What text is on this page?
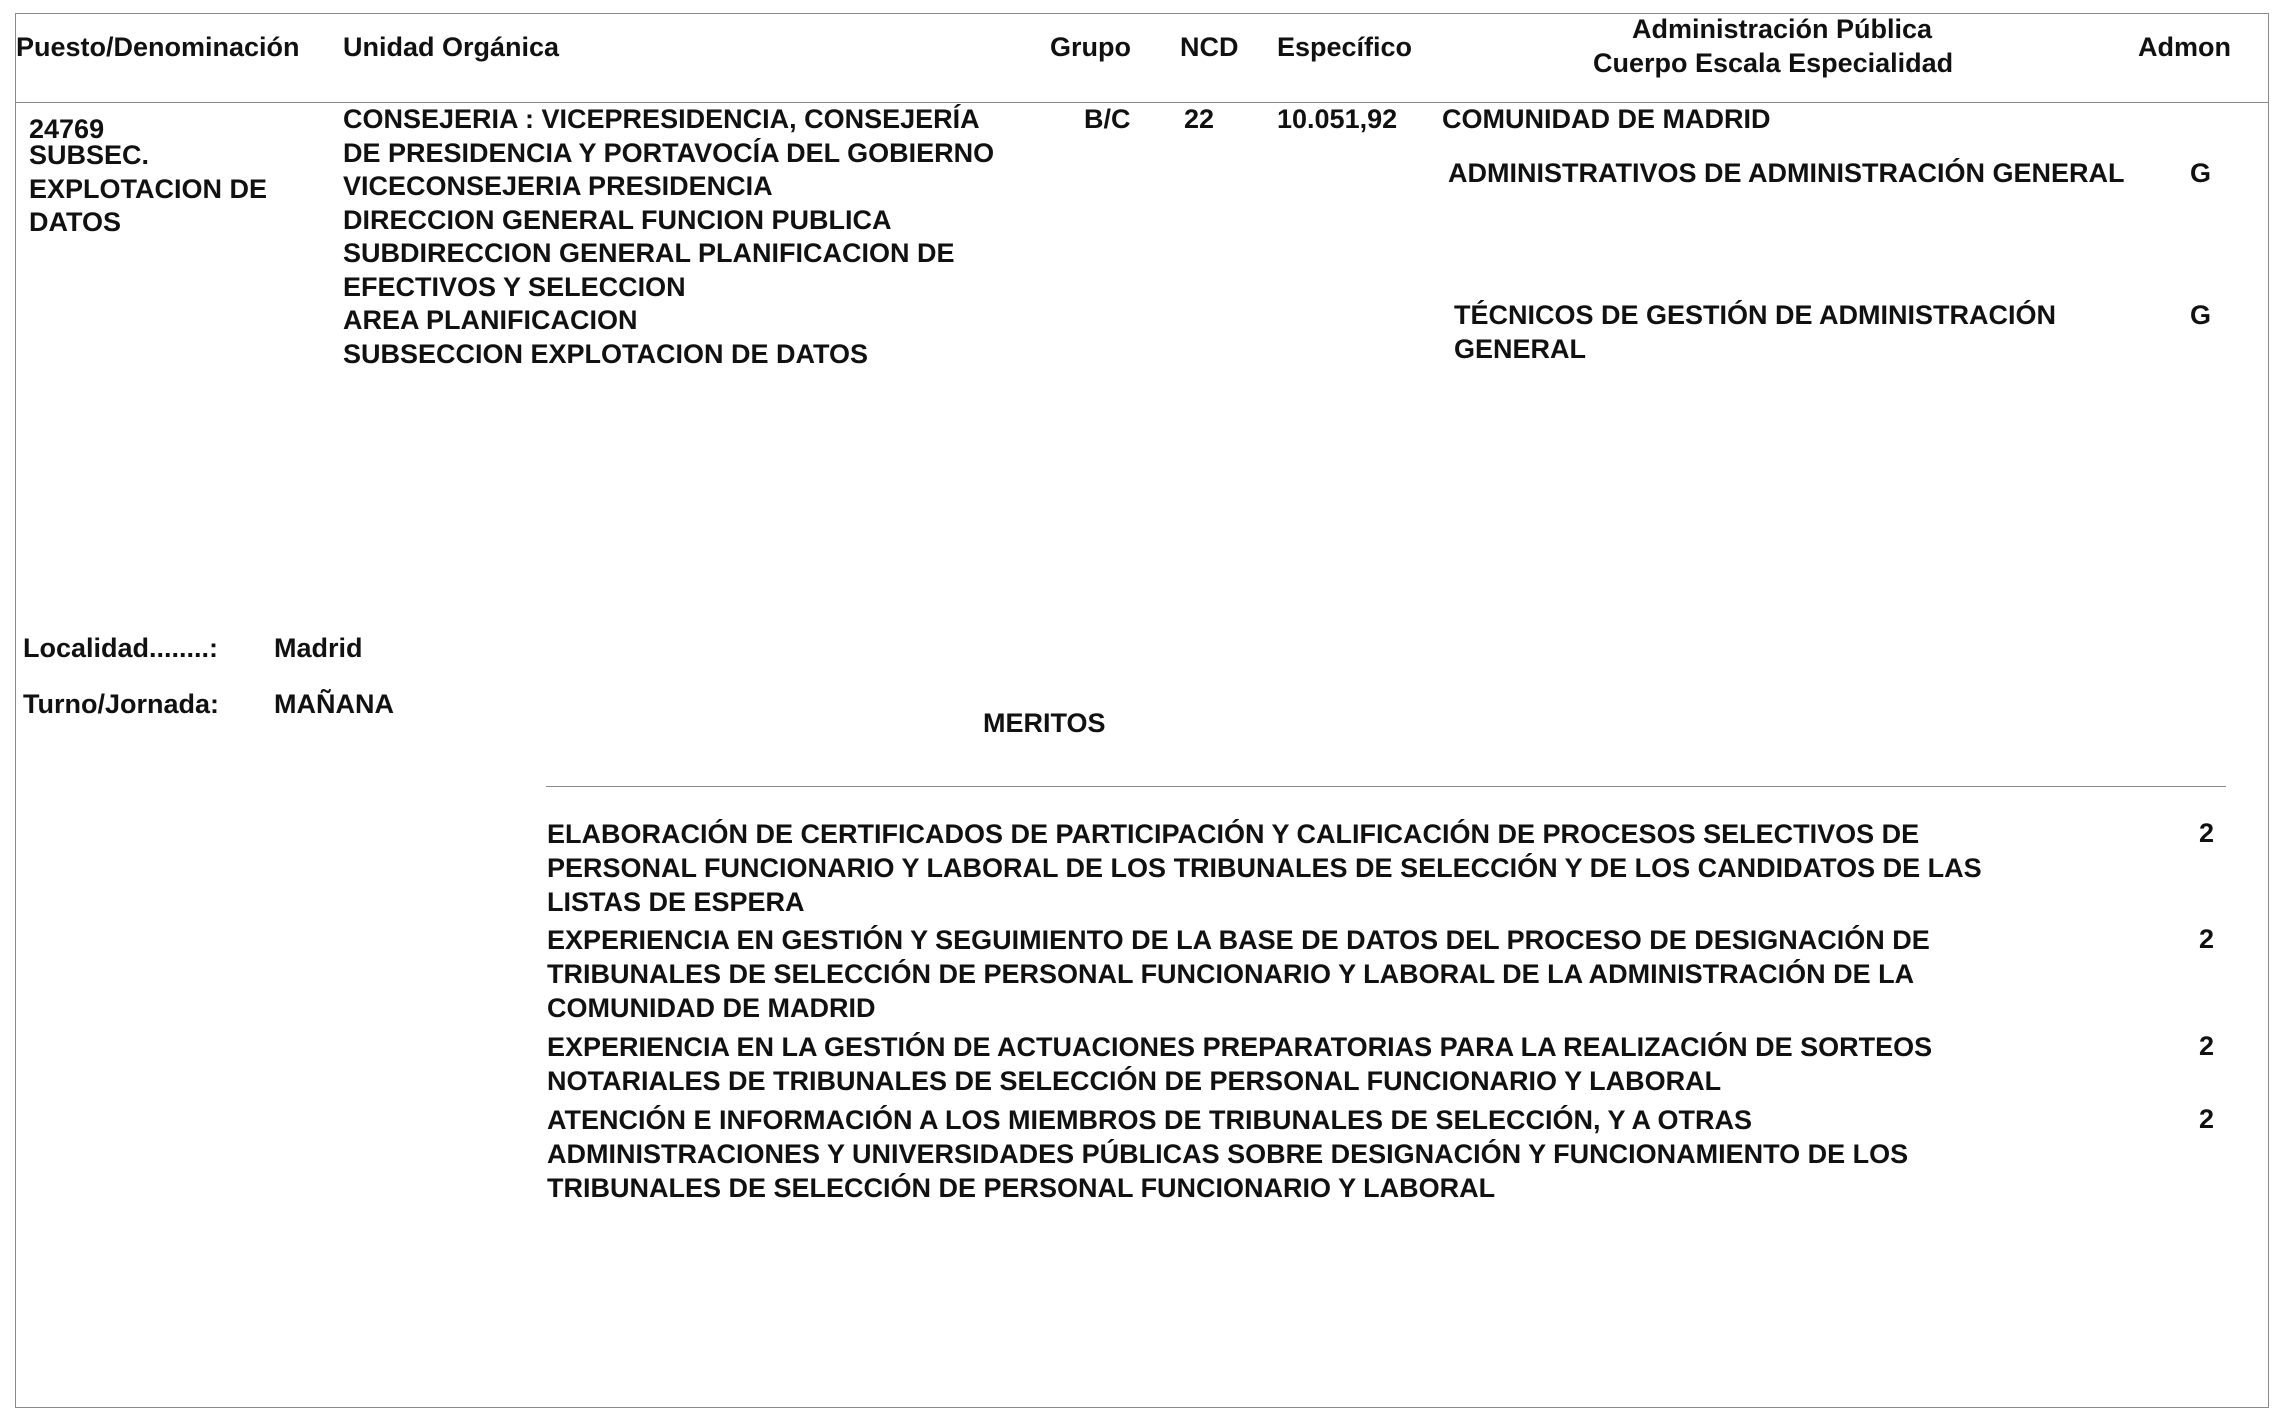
Puesto/Denominación Unidad Orgánica	Grupo NCD Específico
Administración Pública
Cuerpo Escala Especialidad
Admon
24769
SUBSEC.
EXPLOTACION DE
DATOS
CONSEJERIA : VICEPRESIDENCIA, CONSEJERÍA
DE PRESIDENCIA Y PORTAVOCÍA DEL GOBIERNO
VICECONSEJERIA PRESIDENCIA
DIRECCION GENERAL FUNCION PUBLICA
SUBDIRECCION GENERAL PLANIFICACION DE
EFECTIVOS Y SELECCION
AREA PLANIFICACION
SUBSECCION EXPLOTACION DE DATOS
B/C 22 10.051,92 COMUNIDAD DE MADRID
ADMINISTRATIVOS DE ADMINISTRACIÓN GENERAL G
TÉCNICOS DE GESTIÓN DE ADMINISTRACIÓN
GENERAL
G
Localidad........: Madrid
Turno/Jornada: MAÑANA
MERITOS
ELABORACIÓN DE CERTIFICADOS DE PARTICIPACIÓN Y CALIFICACIÓN DE PROCESOS SELECTIVOS DE
PERSONAL FUNCIONARIO Y LABORAL DE LOS TRIBUNALES DE SELECCIÓN Y DE LOS CANDIDATOS DE LAS
LISTAS DE ESPERA
2
EXPERIENCIA EN GESTIÓN Y SEGUIMIENTO DE LA BASE DE DATOS DEL PROCESO DE DESIGNACIÓN DE
TRIBUNALES DE SELECCIÓN DE PERSONAL FUNCIONARIO Y LABORAL DE LA ADMINISTRACIÓN DE LA
COMUNIDAD DE MADRID
2
EXPERIENCIA EN LA GESTIÓN DE ACTUACIONES PREPARATORIAS PARA LA REALIZACIÓN DE SORTEOS
NOTARIALES DE TRIBUNALES DE SELECCIÓN DE PERSONAL FUNCIONARIO Y LABORAL
2
ATENCIÓN E INFORMACIÓN A LOS MIEMBROS DE TRIBUNALES DE SELECCIÓN, Y A OTRAS
ADMINISTRACIONES Y UNIVERSIDADES PÚBLICAS SOBRE DESIGNACIÓN Y FUNCIONAMIENTO DE LOS
TRIBUNALES DE SELECCIÓN DE PERSONAL FUNCIONARIO Y LABORAL
2
